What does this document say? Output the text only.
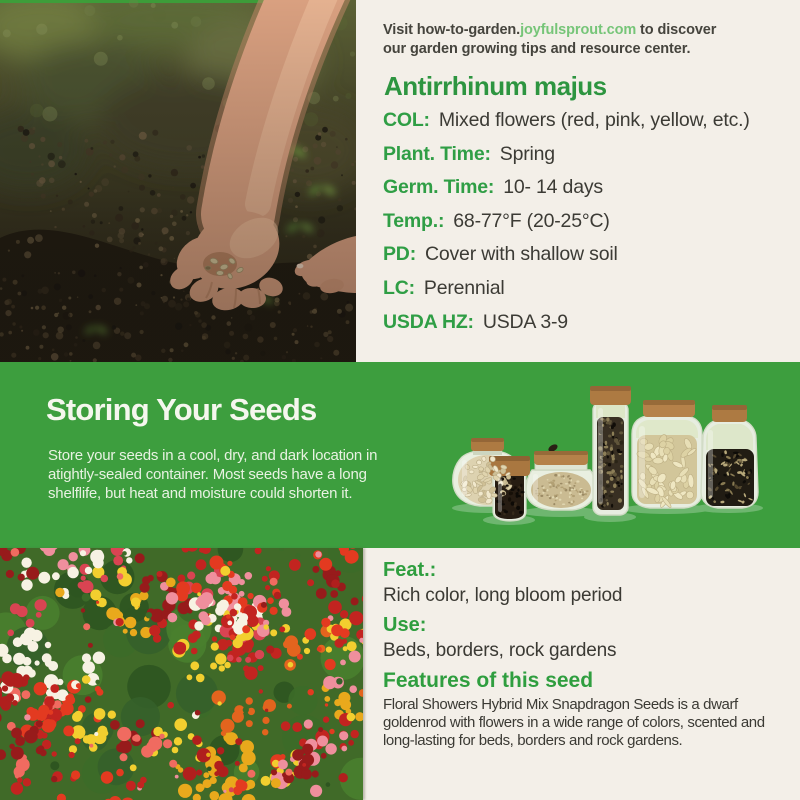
Visit how-to-garden.joyfulsprout.com to discover our garden growing tips and resource center.

Antirrhinum majus
COL: Mixed flowers (red, pink, yellow, etc.)
Plant. Time: Spring
Germ. Time: 10- 14 days
Temp.: 68-77°F (20-25°C)
PD: Cover with shallow soil
LC: Perennial
USDA HZ: USDA 3-9
Storing Your Seeds

Store your seeds in a cool, dry, and dark location in atightly-sealed container. Most seeds have a long shelflife, but heat and moisture could shorten it.

Feat.:
Rich color, long bloom period
Use:
Beds, borders, rock gardens
Features of this seed

Floral Showers Hybrid Mix Snapdragon Seeds is a dwarf goldenrod with flowers in a wide range of colors, scented and long-lasting for beds, borders and rock gardens.
